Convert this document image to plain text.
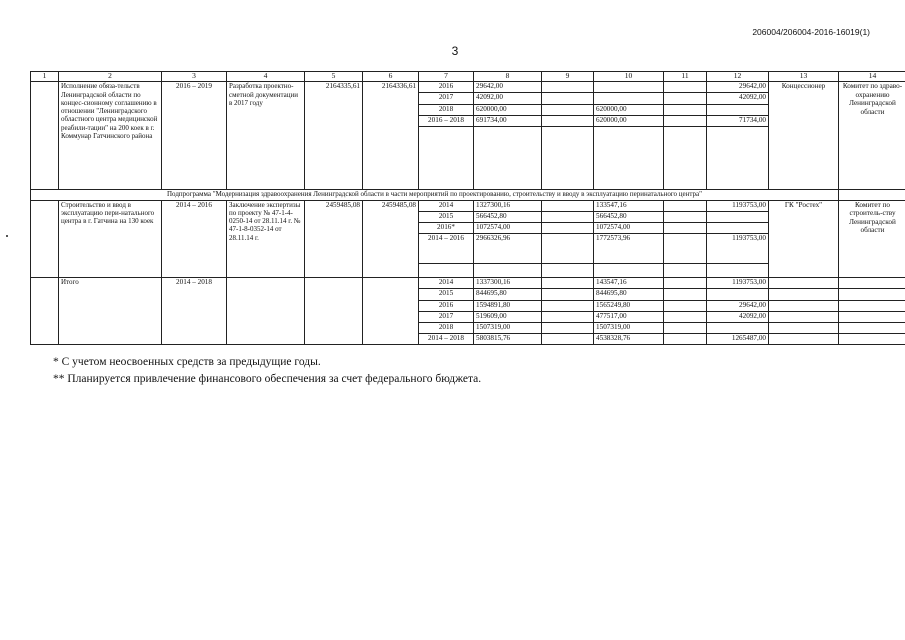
206004/206004-2016-16019(1)
3
1	2	3	4	5	6	7	8	9	10	11	12	13	14
	Исполнение обяза-тельств Ленинградской области по концес-сионному соглашению в отношении "Ленинградского областного центра медицинской реабили-тации" на 200 коек в г. Коммунар Гатчинского района	2016 – 2019	Разработка проектно-сметной документации в 2017 году	2164335,61	2164336,61	2016	29642,00				29642,00	Концессионер	Комитет по здраво-охранению Ленинградской области
						2017	42092,00				42092,00		
						2018	620000,00		620000,00				
						2016 – 2018	691734,00		620000,00		71734,00		

Подпрограмма "Модернизация здравоохранения Ленинградской области в части мероприятий по проектированию, строительству и вводу в эксплуатацию перинатального центра"													
	Строительство и ввод в эксплуатацию пери-натального центра в г. Гатчина на 130 коек	2014 – 2016	Заключение экспертизы по проекту № 47-1-4-0250-14 от 28.11.14 г. № 47-1-8-0352-14 от 28.11.14 г.	2459485,08	2459485,08	2014	1327300,16		133547,16		1193753,00	ГК "Ростех"	Комитет по строитель-ству Ленинградской области
						2015	566452,80		566452,80				
						2016*	1072574,00		1072574,00				
						2014 – 2016	2966326,96		1772573,96		1193753,00		

	Итого	2014 – 2018				2014	1337300,16		143547,16		1193753,00		
						2015	844695,80		844695,80				
						2016	1594891,80		1565249,80		29642,00		
						2017	519609,00		477517,00		42092,00		
						2018	1507319,00		1507319,00				
						2014 – 2018	5803815,76		4538328,76		1265487,00		
* С учетом неосвоенных средств за предыдущие годы.
** Планируется привлечение финансового обеспечения за счет федерального бюджета.
